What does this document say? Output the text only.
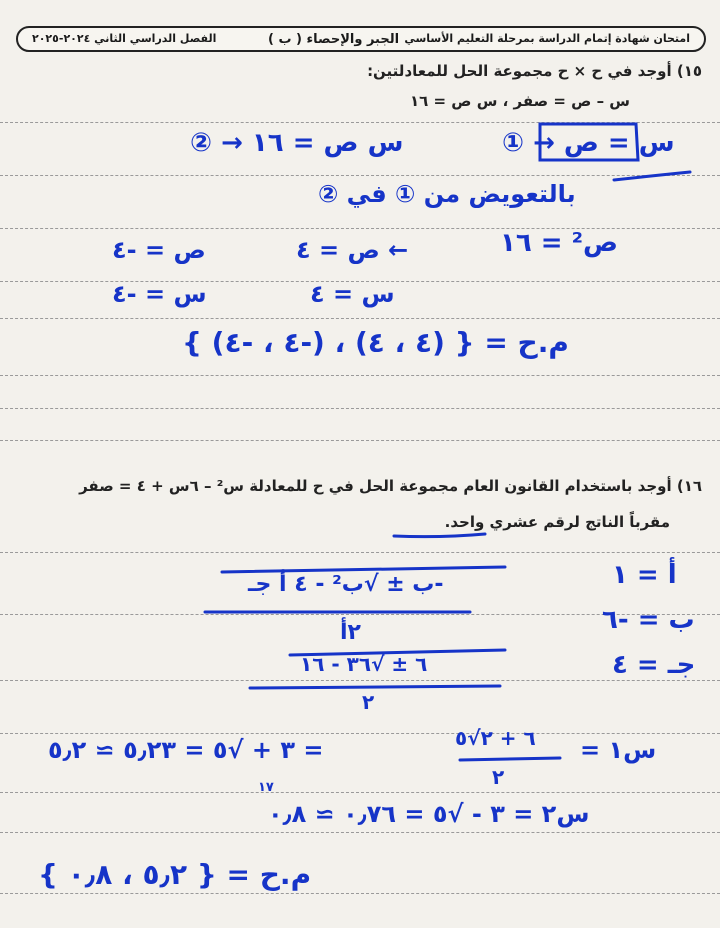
امتحان شهادة إتمام الدراسة بمرحلة التعليم الأساسي
الجبر والإحصاء ( ب )
الفصل الدراسي الثاني ٢٠٢٤-٢٠٢٥
١٥) أوجد في ح × ح مجموعة الحل للمعادلتين:
س – ص = صفر ، س ص = ١٦
س = ص → ①
س ص = ١٦ → ②
بالتعويض من ① في ②
ص² = ١٦
← ص = ٤
ص = -٤
س = ٤
س = -٤
م.ح = { (٤ ، ٤) ، (-٤ ، -٤) }
١٦) أوجد باستخدام القانون العام مجموعة الحل في ح للمعادلة س² – ٦س + ٤ = صفر
مقرباً الناتج لرقم عشري واحد.
أ = ١
ب = -٦
جـ = ٤
-ب ± √ب² - ٤ أ جـ
٢أ
٦ ± √٣٦ - ١٦
٢
س١ =
٦ + ٢√٥
٢
= ٣ + √٥ = ٥٫٢٣ ≃ ٥٫٢
١٧
س٢ = ٣ - √٥ = ٠٫٧٦ ≃ ٠٫٨
م.ح = { ٥٫٢ ، ٠٫٨ }
